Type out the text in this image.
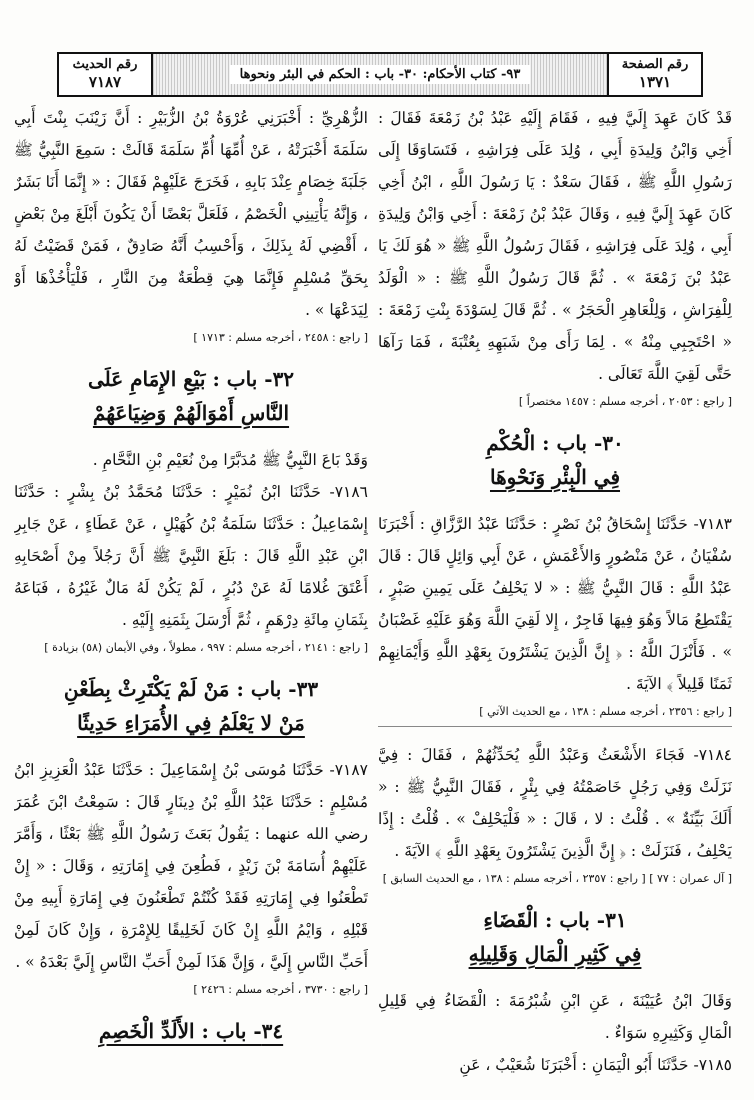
رقم الصفحة
١٣٧١
٩٣- كتاب الأحكام: ٣٠- باب : الحكم في البئر ونحوها
رقم الحديث
٧١٨٧

قَدْ كَانَ عَهِدَ إِلَيَّ فِيهِ ، فَقَامَ إِلَيْهِ عَبْدُ بْنُ زَمْعَةَ فَقَالَ : أَخِي وَابْنُ وَلِيدَةِ أَبِي ، وُلِدَ عَلَى فِرَاشِهِ ، فَتَسَاوَقَا إِلَى رَسُولِ اللَّهِ ﷺ ، فَقَالَ سَعْدٌ : يَا رَسُولَ اللَّهِ ، ابْنُ أَخِي كَانَ عَهِدَ إِلَيَّ فِيهِ ، وَقَالَ عَبْدُ بْنُ زَمْعَةَ : أَخِي وَابْنُ وَلِيدَةِ أَبِي ، وُلِدَ عَلَى فِرَاشِهِ ، فَقَالَ رَسُولُ اللَّهِ ﷺ « هُوَ لَكَ يَا عَبْدُ بْنَ زَمْعَةَ » . ثُمَّ قَالَ رَسُولُ اللَّهِ ﷺ : « الْوَلَدُ لِلْفِرَاشِ ، وَلِلْعَاهِرِ الْحَجَرُ » . ثُمَّ قَالَ لِسَوْدَةَ بِنْتِ زَمْعَةَ : « احْتَجِبِي مِنْهُ » . لِمَا رَأَى مِنْ شَبَهِهِ بِعُتْبَةَ ، فَمَا رَآهَا حَتَّى لَقِيَ اللَّهَ تَعَالَى .

[ راجع : ٢٠٥٣ ، أخرجه مسلم : ١٤٥٧ مختصراً ]

٣٠- باب : الْحُكْمِ
فِي الْبِئْرِ وَنَحْوِهَا

٧١٨٣- حَدَّثَنَا إِسْحَاقُ بْنُ نَصْرٍ : حَدَّثَنَا عَبْدُ الرَّزَّاقِ : أَخْبَرَنَا سُفْيَانُ ، عَنْ مَنْصُورٍ وَالأَعْمَشِ ، عَنْ أَبِي وَائِلٍ قَالَ : قَالَ عَبْدُ اللَّهِ : قَالَ النَّبِيُّ ﷺ : « لا يَحْلِفُ عَلَى يَمِينِ صَبْرٍ ، يَقْتَطِعُ مَالاً وَهُوَ فِيهَا فَاجِرٌ ، إِلا لَقِيَ اللَّهَ وَهُوَ عَلَيْهِ غَضْبَانُ » . فَأَنْزَلَ اللَّهُ : ﴿ إِنَّ الَّذِينَ يَشْتَرُونَ بِعَهْدِ اللَّهِ وَأَيْمَانِهِمْ ثَمَنًا قَلِيلاً ﴾ الآيَةَ .

[ راجع : ٢٣٥٦ ، أخرجه مسلم : ١٣٨ ، مع الحديث الآتي ]

٧١٨٤- فَجَاءَ الأَشْعَثُ وَعَبْدُ اللَّهِ يُحَدِّثُهُمْ ، فَقَالَ : فِيَّ نَزَلَتْ وَفِي رَجُلٍ خَاصَمْتُهُ فِي بِئْرٍ ، فَقَالَ النَّبِيُّ ﷺ : « أَلَكَ بَيِّنَةٌ » . قُلْتُ : لا ، قَالَ : « فَلْيَحْلِفْ » . قُلْتُ : إِذًا يَحْلِفُ ، فَنَزَلَتْ : ﴿ إِنَّ الَّذِينَ يَشْتَرُونَ بِعَهْدِ اللَّهِ ﴾ الآيَةَ .

[ آل عمران : ٧٧ ] [ راجع : ٢٣٥٧ ، أخرجه مسلم : ١٣٨ ، مع الحديث السابق ]

٣١- باب : الْقَضَاءِ
فِي كَثِيرِ الْمَالِ وَقَلِيلِهِ

وَقَالَ ابْنُ عُيَيْنَةَ ، عَنِ ابْنِ شُبْرُمَةَ : الْقَضَاءُ فِي قَلِيلِ الْمَالِ وَكَثِيرِهِ سَوَاءٌ .

٧١٨٥- حَدَّثَنَا أَبُو الْيَمَانِ : أَخْبَرَنَا شُعَيْبٌ ، عَنِ

الزُّهْرِيِّ : أَخْبَرَنِي عُرْوَةُ بْنُ الزُّبَيْرِ : أَنَّ زَيْنَبَ بِنْتَ أَبِي سَلَمَةَ أَخْبَرَتْهُ ، عَنْ أُمِّهَا أُمِّ سَلَمَةَ قَالَتْ : سَمِعَ النَّبِيُّ ﷺ جَلَبَةَ خِصَامٍ عِنْدَ بَابِهِ ، فَخَرَجَ عَلَيْهِمْ فَقَالَ : « إِنَّمَا أَنَا بَشَرٌ ، وَإِنَّهُ يَأْتِينِي الْخَصْمُ ، فَلَعَلَّ بَعْضًا أَنْ يَكُونَ أَبْلَغَ مِنْ بَعْضٍ ، أَقْضِي لَهُ بِذَلِكَ ، وَأَحْسِبُ أَنَّهُ صَادِقٌ ، فَمَنْ قَضَيْتُ لَهُ بِحَقِّ مُسْلِمٍ فَإِنَّمَا هِيَ قِطْعَةٌ مِنَ النَّارِ ، فَلْيَأْخُذْهَا أَوْ لِيَدَعْهَا » .

[ راجع : ٢٤٥٨ ، أخرجه مسلم : ١٧١٣ ]

٣٢- باب : بَيْعِ الإِمَامِ عَلَى
النَّاسِ أَمْوَالَهُمْ وَضِيَاعَهُمْ

وَقَدْ بَاعَ النَّبِيُّ ﷺ مُدَبَّرًا مِنْ نُعَيْمِ بْنِ النَّحَّامِ .

٧١٨٦- حَدَّثَنَا ابْنُ نُمَيْرٍ : حَدَّثَنَا مُحَمَّدُ بْنُ بِشْرٍ : حَدَّثَنَا إِسْمَاعِيلُ : حَدَّثَنَا سَلَمَةُ بْنُ كُهَيْلٍ ، عَنْ عَطَاءٍ ، عَنْ جَابِرِ ابْنِ عَبْدِ اللَّهِ قَالَ : بَلَغَ النَّبِيَّ ﷺ أَنَّ رَجُلاً مِنْ أَصْحَابِهِ أَعْتَقَ غُلامًا لَهُ عَنْ دُبُرٍ ، لَمْ يَكُنْ لَهُ مَالٌ غَيْرُهُ ، فَبَاعَهُ بِثَمَانِ مِائَةِ دِرْهَمٍ ، ثُمَّ أَرْسَلَ بِثَمَنِهِ إِلَيْهِ .

[ راجع : ٢١٤١ ، أخرجه مسلم : ٩٩٧ ، مطولاً ، وفي الأيمان (٥٨) بزيادة ]

٣٣- باب : مَنْ لَمْ يَكْتَرِثْ بِطَعْنِ
مَنْ لا يَعْلَمُ فِي الأُمَرَاءِ حَدِيثًا

٧١٨٧- حَدَّثَنَا مُوسَى بْنُ إِسْمَاعِيلَ : حَدَّثَنَا عَبْدُ الْعَزِيزِ ابْنُ مُسْلِمٍ : حَدَّثَنَا عَبْدُ اللَّهِ بْنُ دِينَارٍ قَالَ : سَمِعْتُ ابْنَ عُمَرَ رضي الله عنهما : يَقُولُ بَعَثَ رَسُولُ اللَّهِ ﷺ بَعْثًا ، وَأَمَّرَ عَلَيْهِمْ أُسَامَةَ بْنَ زَيْدٍ ، فَطُعِنَ فِي إِمَارَتِهِ ، وَقَالَ : « إِنْ تَطْعَنُوا فِي إِمَارَتِهِ فَقَدْ كُنْتُمْ تَطْعَنُونَ فِي إِمَارَةِ أَبِيهِ مِنْ قَبْلِهِ ، وَايْمُ اللَّهِ إِنْ كَانَ لَخَلِيقًا لِلإِمْرَةِ ، وَإِنْ كَانَ لَمِنْ أَحَبِّ النَّاسِ إِلَيَّ ، وَإِنَّ هَذَا لَمِنْ أَحَبِّ النَّاسِ إِلَيَّ بَعْدَهُ » .

[ راجع : ٣٧٣٠ ، أخرجه مسلم : ٢٤٢٦ ]

٣٤- باب : الأَلَدِّ الْخَصِمِ
